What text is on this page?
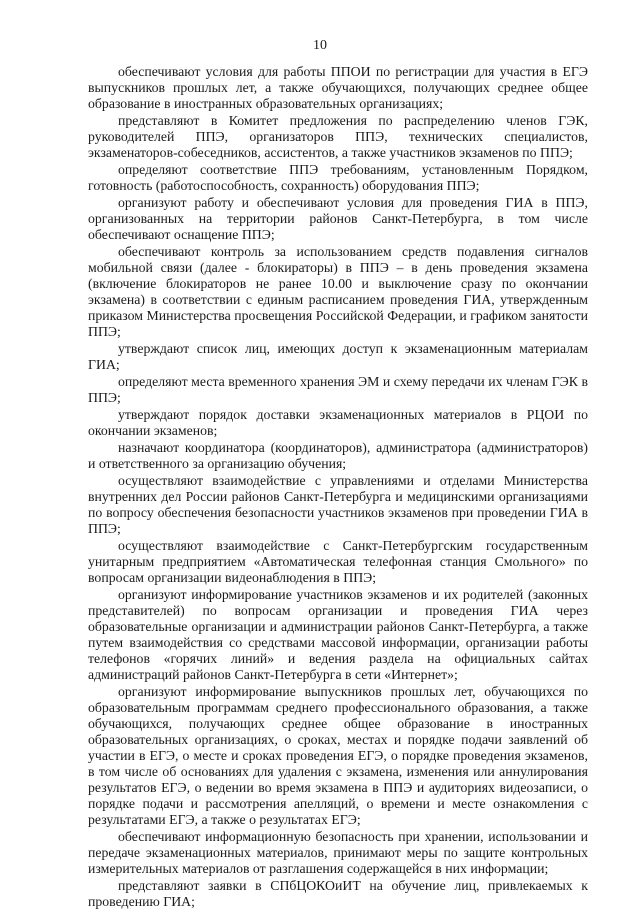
10

обеспечивают условия для работы ППОИ по регистрации для участия в ЕГЭ выпускников прошлых лет, а также обучающихся, получающих среднее общее образование в иностранных образовательных организациях;

представляют в Комитет предложения по распределению членов ГЭК, руководителей ППЭ, организаторов ППЭ, технических специалистов, экзаменаторов-собеседников, ассистентов, а также участников экзаменов по ППЭ;

определяют соответствие ППЭ требованиям, установленным Порядком, готовность (работоспособность, сохранность) оборудования ППЭ;

организуют работу и обеспечивают условия для проведения ГИА в ППЭ, организованных на территории районов Санкт-Петербурга, в том числе обеспечивают оснащение ППЭ;

обеспечивают контроль за использованием средств подавления сигналов мобильной связи (далее - блокираторы) в ППЭ – в день проведения экзамена (включение блокираторов не ранее 10.00 и выключение сразу по окончании экзамена) в соответствии с единым расписанием проведения ГИА, утвержденным приказом Министерства просвещения Российской Федерации, и графиком занятости ППЭ;

утверждают список лиц, имеющих доступ к экзаменационным материалам ГИА;

определяют места временного хранения ЭМ и схему передачи их членам ГЭК в ППЭ;

утверждают порядок доставки экзаменационных материалов в РЦОИ по окончании экзаменов;

назначают координатора (координаторов), администратора (администраторов) и ответственного за организацию обучения;

осуществляют взаимодействие с управлениями и отделами Министерства внутренних дел России районов Санкт-Петербурга и медицинскими организациями по вопросу обеспечения безопасности участников экзаменов при проведении ГИА в ППЭ;

осуществляют взаимодействие с Санкт-Петербургским государственным унитарным предприятием «Автоматическая телефонная станция Смольного» по вопросам организации видеонаблюдения в ППЭ;

организуют информирование участников экзаменов и их родителей (законных представителей) по вопросам организации и проведения ГИА через образовательные организации и администрации районов Санкт-Петербурга, а также путем взаимодействия со средствами массовой информации, организации работы телефонов «горячих линий» и ведения раздела на официальных сайтах администраций районов Санкт-Петербурга в сети «Интернет»;

организуют информирование выпускников прошлых лет, обучающихся по образовательным программам среднего профессионального образования, а также обучающихся, получающих среднее общее образование в иностранных образовательных организациях, о сроках, местах и порядке подачи заявлений об участии в ЕГЭ, о месте и сроках проведения ЕГЭ, о порядке проведения экзаменов, в том числе об основаниях для удаления с экзамена, изменения или аннулирования результатов ЕГЭ, о ведении во время экзамена в ППЭ и аудиториях видеозаписи, о порядке подачи и рассмотрения апелляций, о времени и месте ознакомления с результатами ЕГЭ, а также о результатах ЕГЭ;

обеспечивают информационную безопасность при хранении, использовании и передаче экзаменационных материалов, принимают меры по защите контрольных измерительных материалов от разглашения содержащейся в них информации;

представляют заявки в СПбЦОКОиИТ на обучение лиц, привлекаемых к проведению ГИА;
